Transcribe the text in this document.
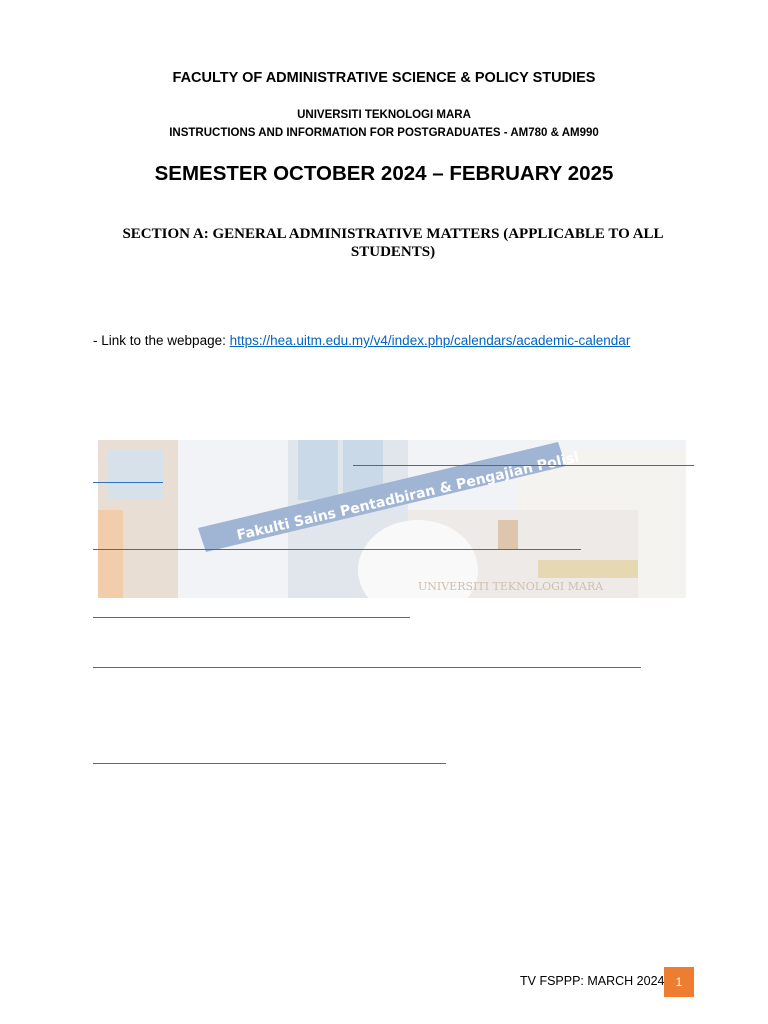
FACULTY OF ADMINISTRATIVE SCIENCE & POLICY STUDIES
UNIVERSITI TEKNOLOGI MARA
INSTRUCTIONS AND INFORMATION FOR POSTGRADUATES - AM780 & AM990
SEMESTER OCTOBER 2024 – FEBRUARY 2025
SECTION A: GENERAL ADMINISTRATIVE MATTERS (APPLICABLE TO ALL STUDENTS)
- Link to the webpage: https://hea.uitm.edu.my/v4/index.php/calendars/academic-calendar
Fakulti Sains Pentadbiran & Pengajian Polisi
UNIVERSITI TEKNOLOGI MARA
TV FSPPP: MARCH 2024 1
